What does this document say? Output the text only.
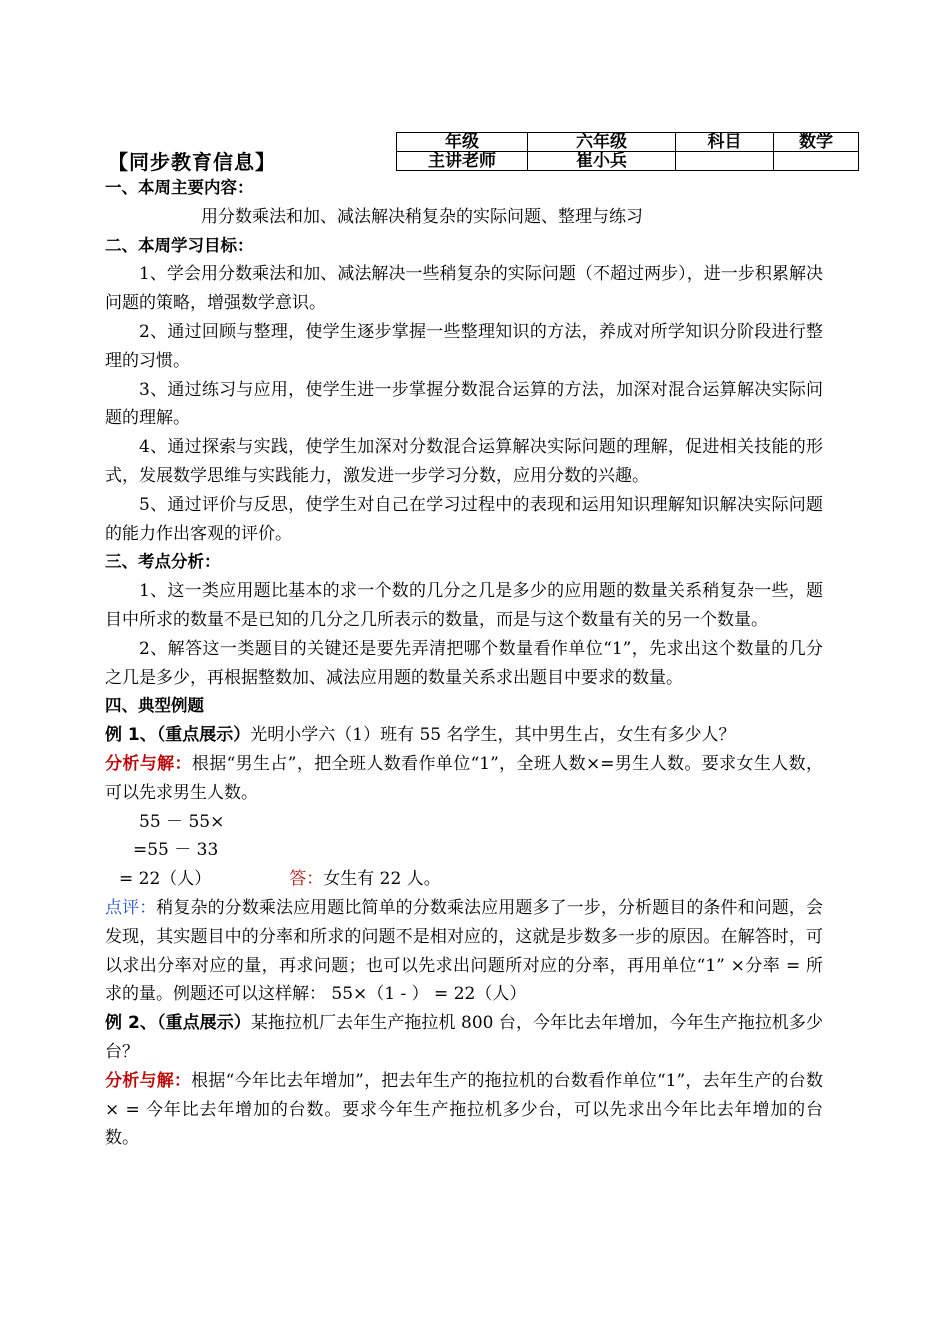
【同步教育信息】
年级	六年级	科目	数学
主讲老师	崔小兵		

一、本周主要内容：

用分数乘法和加、减法解决稍复杂的实际问题、整理与练习

二、本周学习目标：

1、学会用分数乘法和加、减法解决一些稍复杂的实际问题（不超过两步），进一步积累解决问题的策略，增强数学意识。

2、通过回顾与整理，使学生逐步掌握一些整理知识的方法，养成对所学知识分阶段进行整理的习惯。

3、通过练习与应用，使学生进一步掌握分数混合运算的方法，加深对混合运算解决实际问题的理解。

4、通过探索与实践，使学生加深对分数混合运算解决实际问题的理解，促进相关技能的形式，发展数学思维与实践能力，激发进一步学习分数，应用分数的兴趣。

5、通过评价与反思，使学生对自己在学习过程中的表现和运用知识理解知识解决实际问题的能力作出客观的评价。

三、考点分析：

1、这一类应用题比基本的求一个数的几分之几是多少的应用题的数量关系稍复杂一些，题目中所求的数量不是已知的几分之几所表示的数量，而是与这个数量有关的另一个数量。

2、解答这一类题目的关键还是要先弄清把哪个数量看作单位“1”，先求出这个数量的几分之几是多少，再根据整数加、减法应用题的数量关系求出题目中要求的数量。

四、典型例题

例 1、（重点展示）光明小学六（1）班有 55 名学生，其中男生占，女生有多少人？

分析与解：根据“男生占”，把全班人数看作单位“1”，全班人数×=男生人数。要求女生人数，可以先求男生人数。

55 － 55×

=55 － 33

= 22（人）	答：女生有 22 人。

点评：稍复杂的分数乘法应用题比简单的分数乘法应用题多了一步，分析题目的条件和问题，会发现，其实题目中的分率和所求的问题不是相对应的，这就是步数多一步的原因。在解答时，可以求出分率对应的量，再求问题；也可以先求出问题所对应的分率，再用单位“1” ×分率 = 所求的量。例题还可以这样解： 55×（1 - ） = 22（人）

例 2、（重点展示）某拖拉机厂去年生产拖拉机 800 台，今年比去年增加，今年生产拖拉机多少台？

分析与解：根据“今年比去年增加”，把去年生产的拖拉机的台数看作单位“1”，去年生产的台数× = 今年比去年增加的台数。要求今年生产拖拉机多少台，可以先求出今年比去年增加的台数。
